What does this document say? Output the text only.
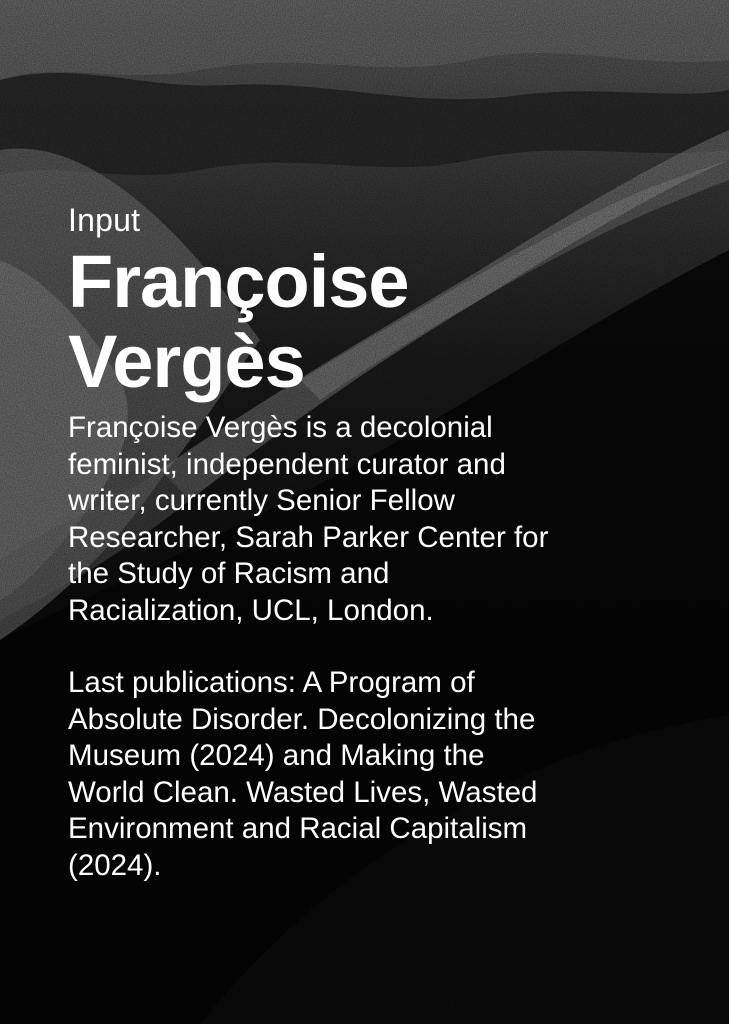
Input
Françoise
Vergès

Françoise Vergès is a decolonial
feminist, independent curator and
writer, currently Senior Fellow
Researcher, Sarah Parker Center for
the Study of Racism and
Racialization, UCL, London.

Last publications: A Program of
Absolute Disorder. Decolonizing the
Museum (2024) and Making the
World Clean. Wasted Lives, Wasted
Environment and Racial Capitalism
(2024).
